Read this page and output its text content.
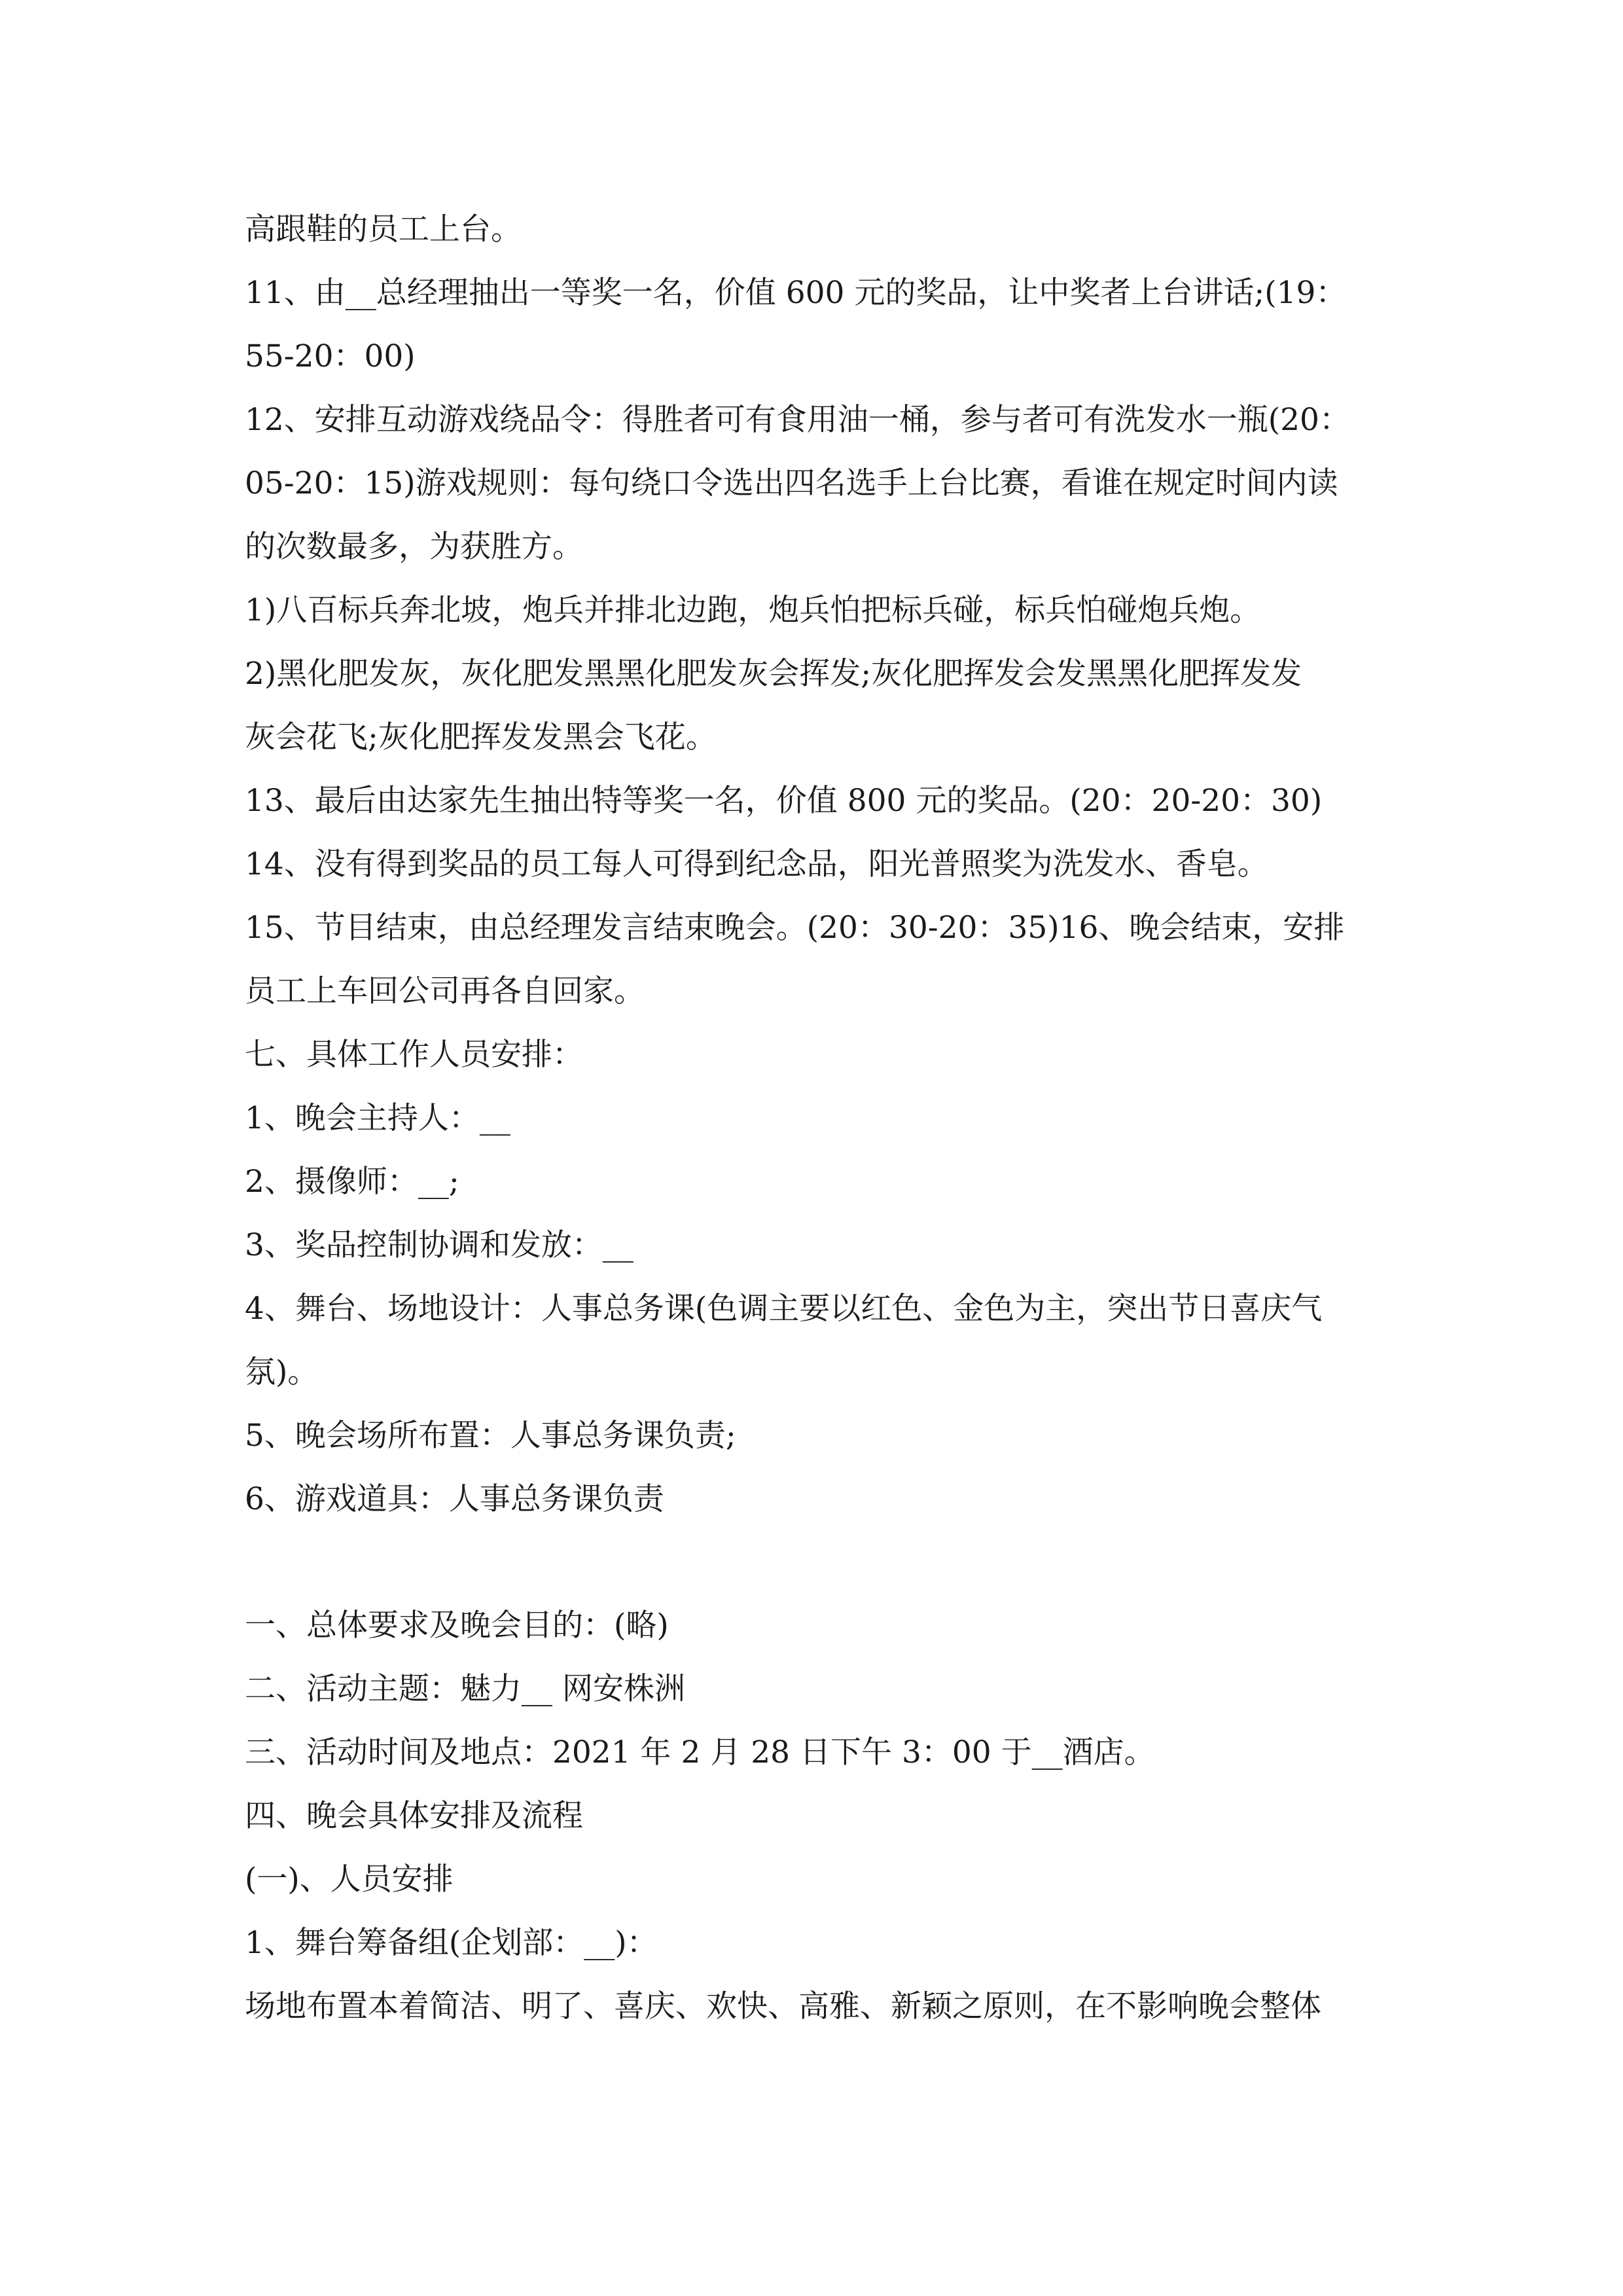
高跟鞋的员工上台。
11、由__总经理抽出一等奖一名，价值 600 元的奖品，让中奖者上台讲话;(19：
55-20：00)
12、安排互动游戏绕品令：得胜者可有食用油一桶，参与者可有洗发水一瓶(20：
05-20：15)游戏规则：每句绕口令选出四名选手上台比赛，看谁在规定时间内读
的次数最多，为获胜方。
1)八百标兵奔北坡，炮兵并排北边跑，炮兵怕把标兵碰，标兵怕碰炮兵炮。
2)黑化肥发灰，灰化肥发黑黑化肥发灰会挥发;灰化肥挥发会发黑黑化肥挥发发
灰会花飞;灰化肥挥发发黑会飞花。
13、最后由达家先生抽出特等奖一名，价值 800 元的奖品。(20：20-20：30)
14、没有得到奖品的员工每人可得到纪念品，阳光普照奖为洗发水、香皂。
15、节目结束，由总经理发言结束晚会。(20：30-20：35)16、晚会结束，安排
员工上车回公司再各自回家。
七、具体工作人员安排：
1、晚会主持人：__
2、摄像师：__;
3、奖品控制协调和发放：__
4、舞台、场地设计：人事总务课(色调主要以红色、金色为主，突出节日喜庆气
氛)。
5、晚会场所布置：人事总务课负责;
6、游戏道具：人事总务课负责
一、总体要求及晚会目的：(略)
二、活动主题：魅力__ 网安株洲
三、活动时间及地点：2021 年 2 月 28 日下午 3：00 于__酒店。
四、晚会具体安排及流程
(一)、人员安排
1、舞台筹备组(企划部：__)：
场地布置本着简洁、明了、喜庆、欢快、高雅、新颖之原则，在不影响晚会整体
